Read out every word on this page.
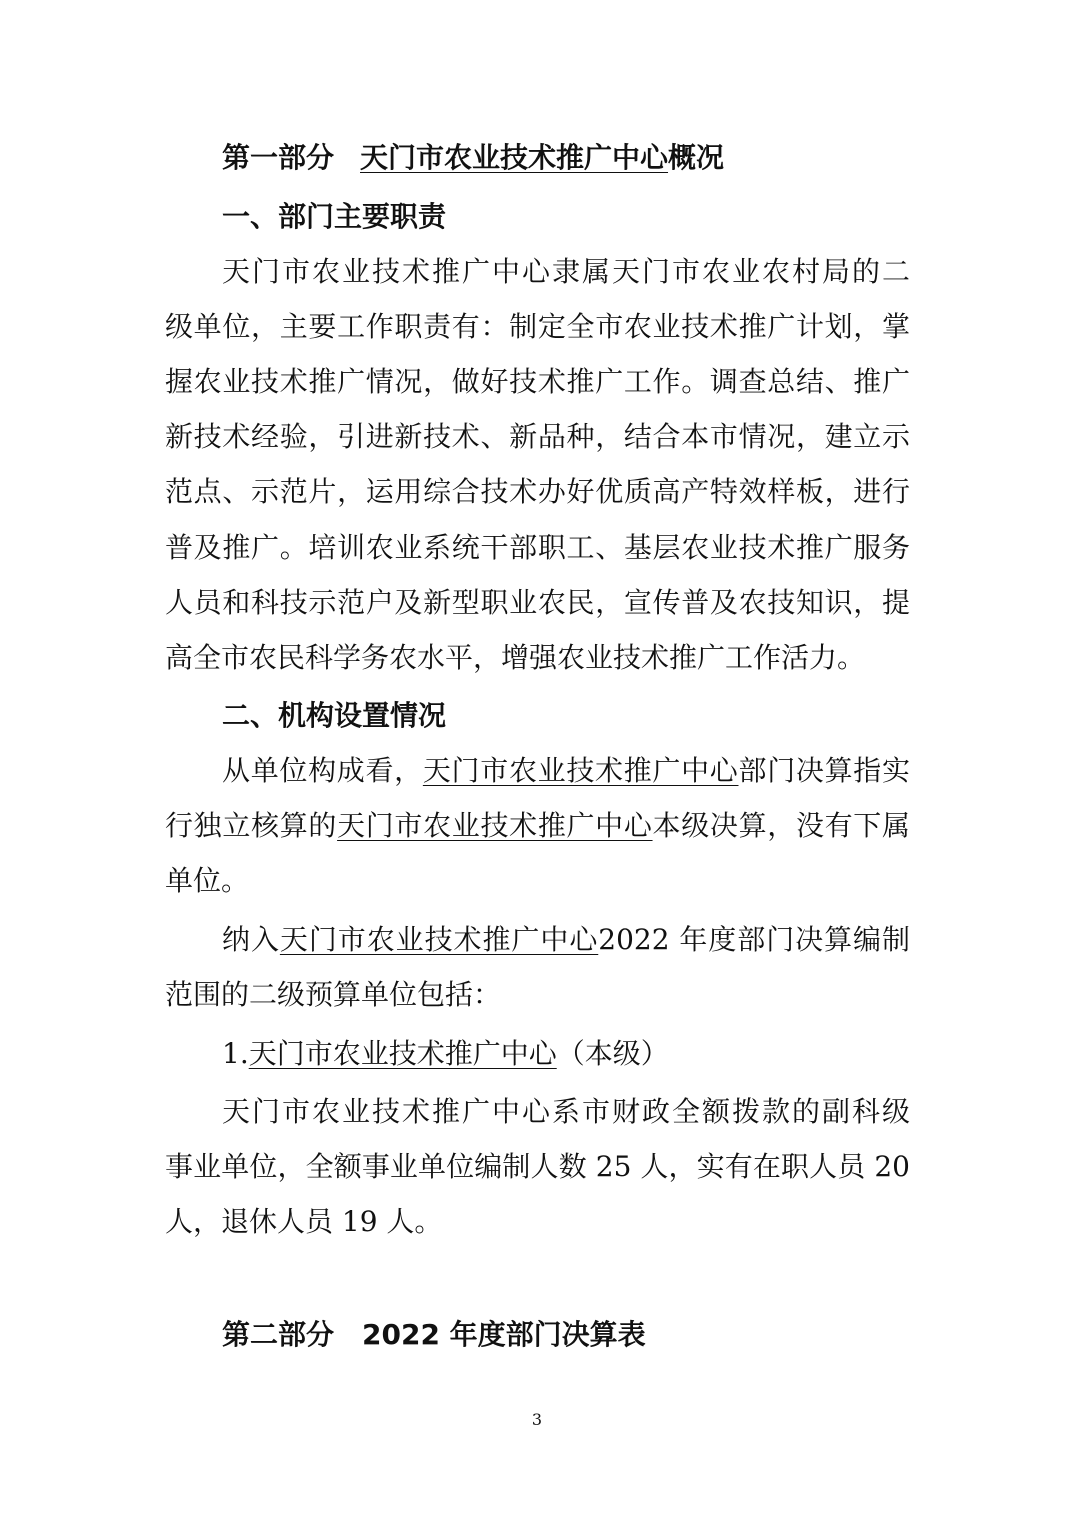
第一部分 天门市农业技术推广中心概况
一、部门主要职责
天门市农业技术推广中心隶属天门市农业农村局的二
级单位，主要工作职责有：制定全市农业技术推广计划，掌
握农业技术推广情况，做好技术推广工作。调查总结、推广
新技术经验，引进新技术、新品种，结合本市情况，建立示
范点、示范片，运用综合技术办好优质高产特效样板，进行
普及推广。培训农业系统干部职工、基层农业技术推广服务
人员和科技示范户及新型职业农民，宣传普及农技知识，提
高全市农民科学务农水平，增强农业技术推广工作活力。
二、机构设置情况
从单位构成看，天门市农业技术推广中心部门决算指实
行独立核算的天门市农业技术推广中心本级决算，没有下属
单位。
纳入天门市农业技术推广中心2022 年度部门决算编制
范围的二级预算单位包括：
1.天门市农业技术推广中心（本级）
天门市农业技术推广中心系市财政全额拨款的副科级
事业单位，全额事业单位编制人数 25 人，实有在职人员 20
人，退休人员 19 人。
第二部分　2022 年度部门决算表
3
